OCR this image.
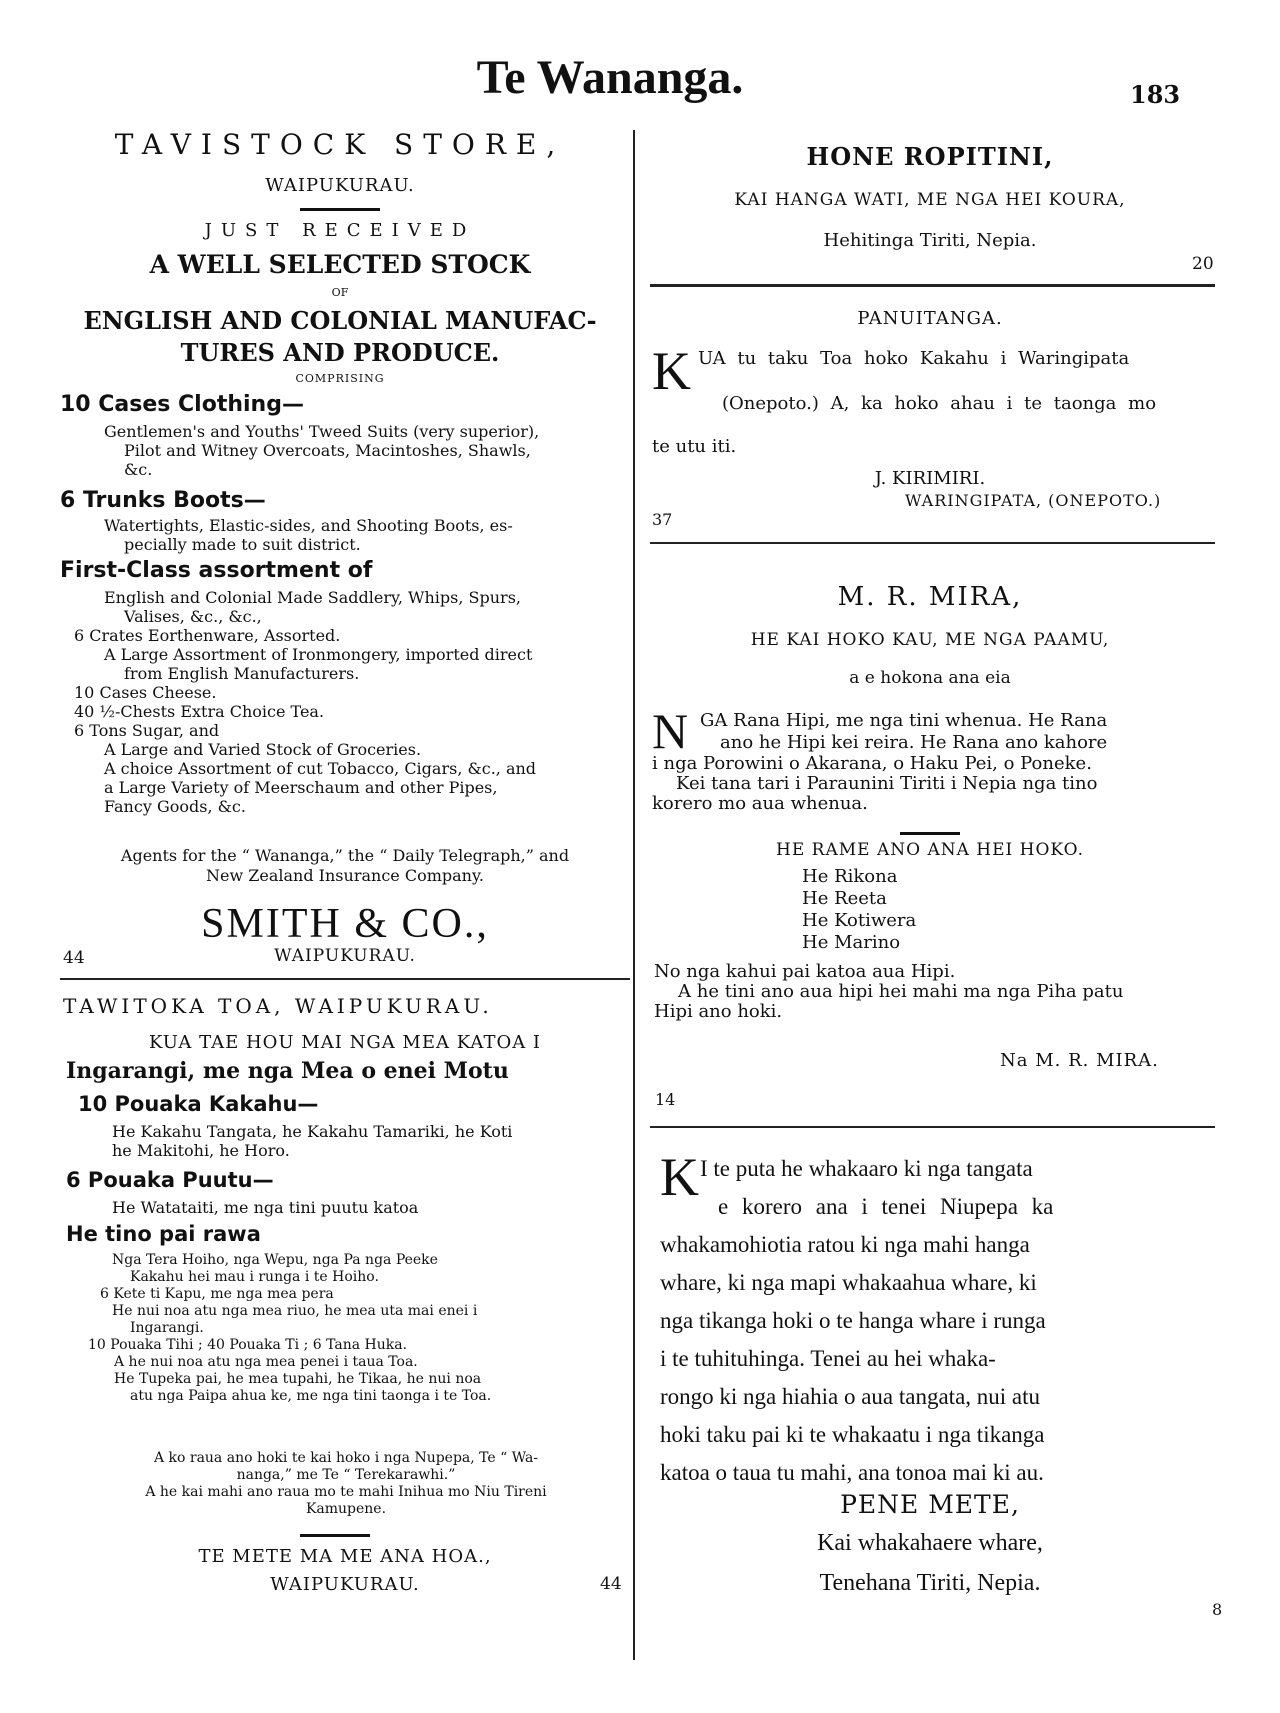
Te Wananga.	183
TAVISTOCK STORE,
WAIPUKURAU.
JUST RECEIVED
A WELL SELECTED STOCK
OF
ENGLISH AND COLONIAL MANUFAC-
TURES AND PRODUCE.
COMPRISING
10 Cases Clothing—
Gentlemen's and Youths' Tweed Suits (very superior),
Pilot and Witney Overcoats, Macintoshes, Shawls,
&c.
6 Trunks Boots—
Watertights, Elastic-sides, and Shooting Boots, es-
pecially made to suit district.
First-Class assortment of
English and Colonial Made Saddlery, Whips, Spurs,
Valises, &c., &c.,
6 Crates Eorthenware, Assorted.
A Large Assortment of Ironmongery, imported direct
from English Manufacturers.
10 Cases Cheese.
40 ½-Chests Extra Choice Tea.
6 Tons Sugar, and
A Large and Varied Stock of Groceries.
A choice Assortment of cut Tobacco, Cigars, &c., and
a Large Variety of Meerschaum and other Pipes,
Fancy Goods, &c.
Agents for the “ Wananga,” the “ Daily Telegraph,” and
New Zealand Insurance Company.
SMITH & CO.,
44	WAIPUKURAU.
TAWITOKA TOA, WAIPUKURAU.
KUA TAE HOU MAI NGA MEA KATOA I
Ingarangi, me nga Mea o enei Motu
10 Pouaka Kakahu—
He Kakahu Tangata, he Kakahu Tamariki, he Koti
he Makitohi, he Horo.
6 Pouaka Puutu—
He Watataiti, me nga tini puutu katoa
He tino pai rawa
Nga Tera Hoiho, nga Wepu, nga Pa nga Peeke
Kakahu hei mau i runga i te Hoiho.
6 Kete ti Kapu, me nga mea pera
He nui noa atu nga mea riuo, he mea uta mai enei i
Ingarangi.
10 Pouaka Tihi ; 40 Pouaka Ti ; 6 Tana Huka.
A he nui noa atu nga mea penei i taua Toa.
He Tupeka pai, he mea tupahi, he Tikaa, he nui noa
atu nga Paipa ahua ke, me nga tini taonga i te Toa.
A ko raua ano hoki te kai hoko i nga Nupepa, Te “ Wa-
nanga,” me Te “ Terekarawhi.”
A he kai mahi ano raua mo te mahi Inihua mo Niu Tireni
Kamupene.
TE METE MA ME ANA HOA.,
WAIPUKURAU.	44
HONE ROPITINI,
KAI HANGA WATI, ME NGA HEI KOURA,
Hehitinga Tiriti, Nepia.
20
PANUITANGA.
K UA tu taku Toa hoko Kakahu i Waringipata
(Onepoto.) A, ka hoko ahau i te taonga mo
te utu iti.
J. KIRIMIRI.
WARINGIPATA, (ONEPOTO.)
37
M. R. MIRA,
HE KAI HOKO KAU, ME NGA PAAMU,
a e hokona ana eia
N GA Rana Hipi, me nga tini whenua. He Rana
ano he Hipi kei reira. He Rana ano kahore
i nga Porowini o Akarana, o Haku Pei, o Poneke.
Kei tana tari i Paraunini Tiriti i Nepia nga tino
korero mo aua whenua.
HE RAME ANO ANA HEI HOKO.
He Rikona
He Reeta
He Kotiwera
He Marino
No nga kahui pai katoa aua Hipi.
A he tini ano aua hipi hei mahi ma nga Piha patu
Hipi ano hoki.
Na M. R. MIRA.
14
K I te puta he whakaaro ki nga tangata
e korero ana i tenei Niupepa ka
whakamohiotia ratou ki nga mahi hanga
whare, ki nga mapi whakaahua whare, ki
nga tikanga hoki o te hanga whare i runga
i te tuhituhinga. Tenei au hei whaka-
rongo ki nga hiahia o aua tangata, nui atu
hoki taku pai ki te whakaatu i nga tikanga
katoa o taua tu mahi, ana tonoa mai ki au.
PENE METE,
Kai whakahaere whare,
Tenehana Tiriti, Nepia.
8
